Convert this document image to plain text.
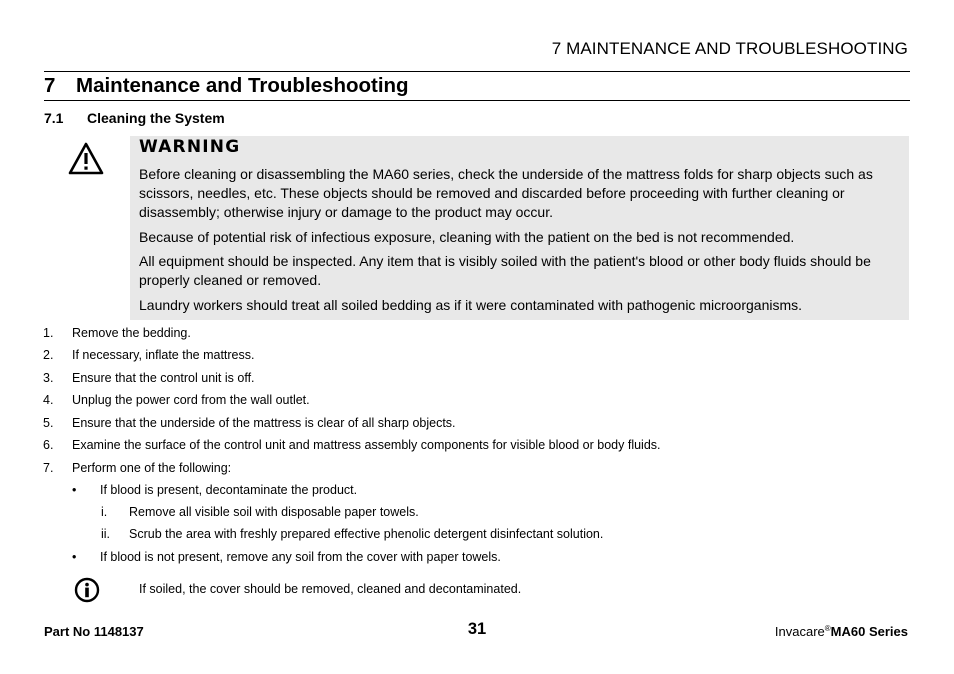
7 MAINTENANCE AND TROUBLESHOOTING
7 Maintenance and Troubleshooting
7.1 Cleaning the System
WARNING
Before cleaning or disassembling the MA60 series, check the underside of the mattress folds for sharp objects such as scissors, needles, etc. These objects should be removed and discarded before proceeding with further cleaning or disassembly; otherwise injury or damage to the product may occur.
Because of potential risk of infectious exposure, cleaning with the patient on the bed is not recommended.
All equipment should be inspected. Any item that is visibly soiled with the patient's blood or other body fluids should be properly cleaned or removed.
Laundry workers should treat all soiled bedding as if it were contaminated with pathogenic microorganisms.
1. Remove the bedding.
2. If necessary, inflate the mattress.
3. Ensure that the control unit is off.
4. Unplug the power cord from the wall outlet.
5. Ensure that the underside of the mattress is clear of all sharp objects.
6. Examine the surface of the control unit and mattress assembly components for visible blood or body fluids.
7. Perform one of the following:
• If blood is present, decontaminate the product.
i. Remove all visible soil with disposable paper towels.
ii. Scrub the area with freshly prepared effective phenolic detergent disinfectant solution.
• If blood is not present, remove any soil from the cover with paper towels.
If soiled, the cover should be removed, cleaned and decontaminated.
Part No 1148137	31	Invacare®MA60 Series
